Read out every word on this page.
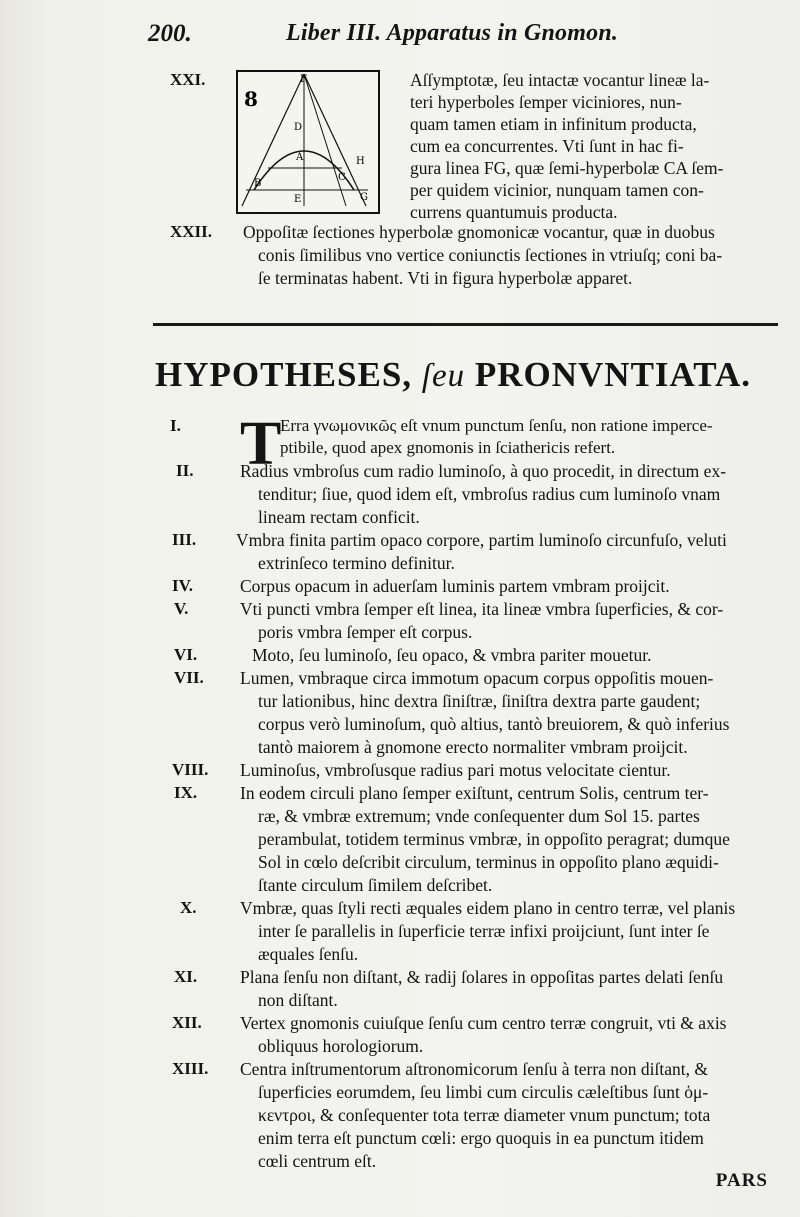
200.	Liber III. Apparatus in Gnomon.
8
F
D
A	H
B
C
E	G
XXI.	Aſſymptotæ, ſeu intactæ vocantur lineæ la-
teri hyperboles ſemper viciniores, nun-
quam tamen etiam in infinitum producta,
cum ea concurrentes. Vti ſunt in hac fi-
gura linea FG, quæ ſemi-hyperbolæ CA ſem-
per quidem vicinior, nunquam tamen con-
currens quantumuis producta.
XXII. Oppoſitæ ſectiones hyperbolæ gnomonicæ vocantur, quæ in duobus
conis ſimilibus vno vertice coniunctis ſectiones in vtriuſq; coni ba-
ſe terminatas habent. Vti in figura hyperbolæ apparet.
HYPOTHESES, ſeu PRONVNTIATA.
T
I.	Erra γνωμονικῶς eſt vnum punctum ſenſu, non ratione imperce-
ptibile, quod apex gnomonis in ſciathericis refert.
II.	Radius vmbroſus cum radio luminoſo, à quo procedit, in directum ex-
tenditur; ſiue, quod idem eſt, vmbroſus radius cum luminoſo vnam
lineam rectam conficit.
III. Vmbra finita partim opaco corpore, partim luminoſo circunfuſo, veluti
extrinſeco termino definitur.
IV.	Corpus opacum in aduerſam luminis partem vmbram proijcit.
V.	Vti puncti vmbra ſemper eſt linea, ita lineæ vmbra ſuperficies, & cor-
poris vmbra ſemper eſt corpus.
VI.	Moto, ſeu luminoſo, ſeu opaco, & vmbra pariter mouetur.
VII. Lumen, vmbraque circa immotum opacum corpus oppoſitis mouen-
tur lationibus, hinc dextra ſiniſtræ, ſiniſtra dextra parte gaudent;
corpus verò luminoſum, quò altius, tantò breuiorem, & quò inferius
tantò maiorem à gnomone erecto normaliter vmbram proijcit.
VIII. Luminoſus, vmbroſusque radius pari motus velocitate cientur.
IX. In eodem circuli plano ſemper exiſtunt, centrum Solis, centrum ter-
ræ, & vmbræ extremum; vnde conſequenter dum Sol 15. partes
perambulat, totidem terminus vmbræ, in oppoſito peragrat; dumque
Sol in cœlo deſcribit circulum, terminus in oppoſito plano æquidi-
ſtante circulum ſimilem deſcribet.
X. Vmbræ, quas ſtyli recti æquales eidem plano in centro terræ, vel planis
inter ſe parallelis in ſuperficie terræ infixi proijciunt, ſunt inter ſe
æquales ſenſu.
XI. Plana ſenſu non diſtant, & radij ſolares in oppoſitas partes delati ſenſu
non diſtant.
XII. Vertex gnomonis cuiuſque ſenſu cum centro terræ congruit, vti & axis
obliquus horologiorum.
XIII. Centra inſtrumentorum aſtronomicorum ſenſu à terra non diſtant, &
ſuperficies eorumdem, ſeu limbi cum circulis cæleſtibus ſunt ὁμ-
κεντροι, & conſequenter tota terræ diameter vnum punctum; tota
enim terra eſt punctum cœli: ergo quoquis in ea punctum itidem
cœli centrum eſt.
PARS
